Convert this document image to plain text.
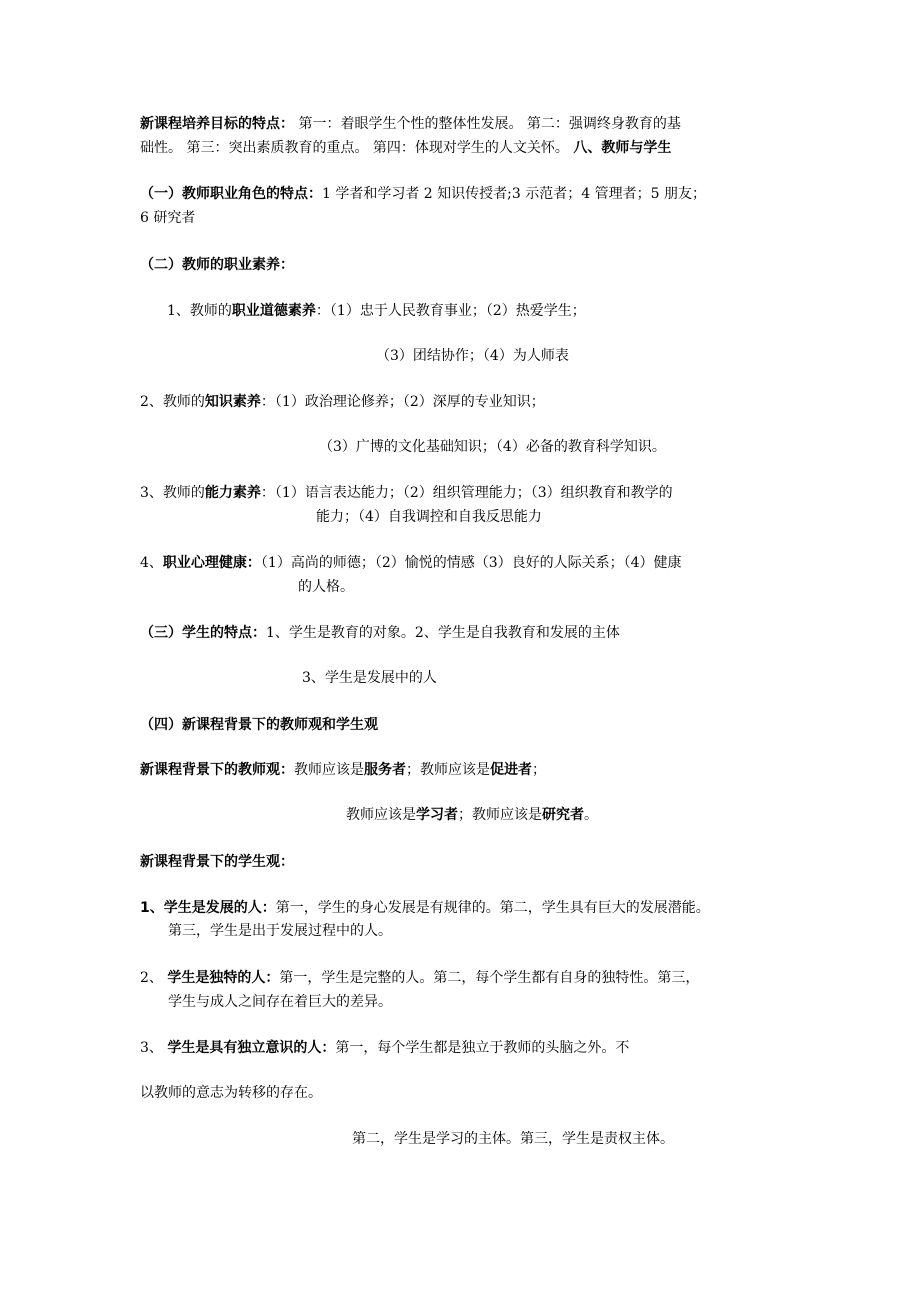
新课程培养目标的特点： 第一：着眼学生个性的整体性发展。 第二：强调终身教育的基
础性。 第三：突出素质教育的重点。 第四：体现对学生的人文关怀。 八、教师与学生
（一）教师职业角色的特点：1 学者和学习者 2 知识传授者;3 示范者；4 管理者；5 朋友；
6 研究者
（二）教师的职业素养：
1、教师的职业道德素养：（1）忠于人民教育事业；（2）热爱学生；
（3）团结协作；（4）为人师表
2、教师的知识素养：（1）政治理论修养；（2）深厚的专业知识；
（3）广博的文化基础知识；（4）必备的教育科学知识。
3、教师的能力素养：（1）语言表达能力；（2）组织管理能力；（3）组织教育和教学的
能力；（4）自我调控和自我反思能力
4、职业心理健康：（1）高尚的师德；（2）愉悦的情感（3）良好的人际关系；（4）健康
的人格。
（三）学生的特点：1、学生是教育的对象。2、学生是自我教育和发展的主体
3、学生是发展中的人
（四）新课程背景下的教师观和学生观
新课程背景下的教师观：教师应该是服务者；教师应该是促进者；
教师应该是学习者；教师应该是研究者。
新课程背景下的学生观：
1、学生是发展的人：第一，学生的身心发展是有规律的。第二，学生具有巨大的发展潜能。
第三，学生是出于发展过程中的人。
2、 学生是独特的人：第一，学生是完整的人。第二，每个学生都有自身的独特性。第三，
学生与成人之间存在着巨大的差异。
3、 学生是具有独立意识的人：第一，每个学生都是独立于教师的头脑之外。不
以教师的意志为转移的存在。
第二，学生是学习的主体。第三，学生是责权主体。
